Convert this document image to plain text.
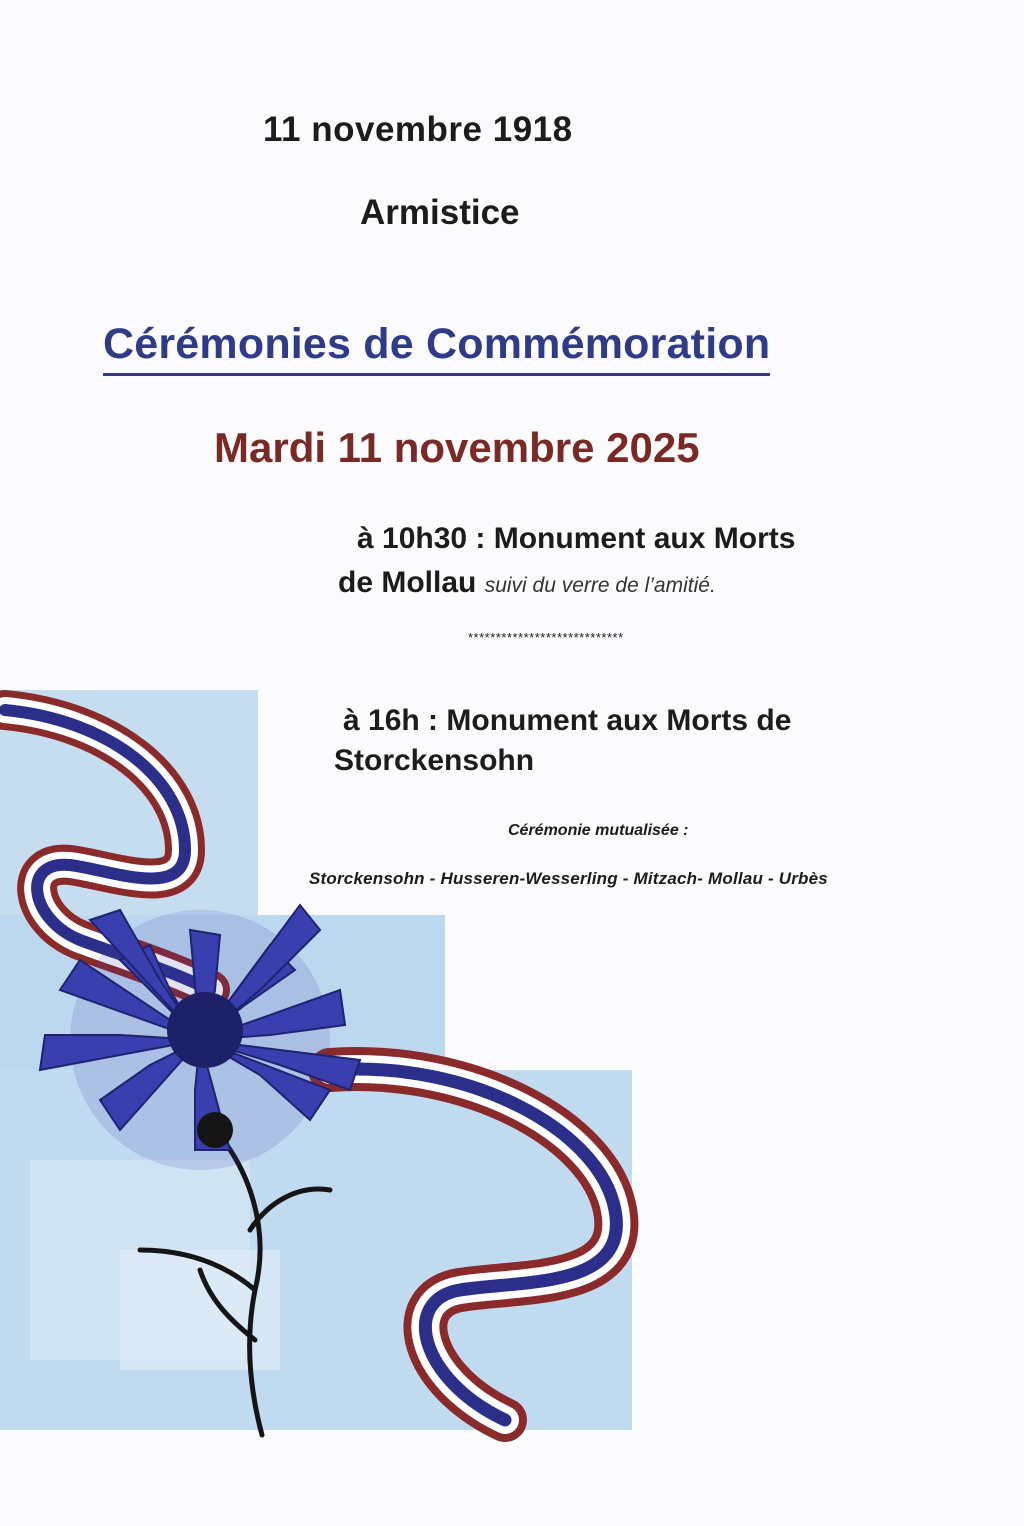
11 novembre 1918

Armistice

Cérémonies de Commémoration

Mardi 11 novembre 2025

à 10h30 : Monument aux Morts

de Mollau suivi du verre de l’amitié.

****************************

à 16h : Monument aux Morts de

Storckensohn

Cérémonie mutualisée :

Storckensohn - Husseren-Wesserling - Mitzach- Mollau - Urbès
